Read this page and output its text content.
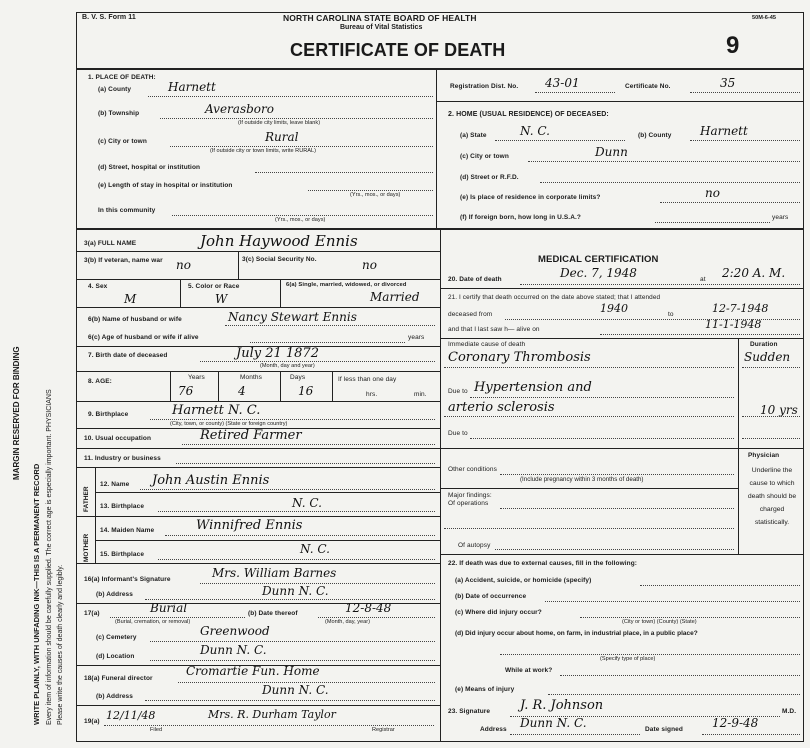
MARGIN RESERVED FOR BINDING
WRITE PLAINLY, WITH UNFADING INK—THIS IS A PERMANENT RECORD Every item of information should be carefully supplied. The correct age is especially important. PHYSICIANS Please write the causes of death clearly and legibly.
B. V. S. Form 11	NORTH CAROLINA STATE BOARD OF HEALTH
Bureau of Vital Statistics
CERTIFICATE OF DEATH
50M-6-45
9
1. PLACE OF DEATH:
(a) County	Harnett
(b) Township	Averasboro
(If outside city limits, leave blank)
(c) City or town	Rural
(If outside city or town limits, write RURAL)
(d) Street, hospital or institution
(e) Length of stay in hospital or institution
(Yrs., mos., or days)
In this community
(Yrs., mos., or days)
Registration Dist. No. 43-01	Certificate No.	35
2. HOME (USUAL RESIDENCE) OF DECEASED:
(a) State	N. C.	(b) County Harnett
(c) City or town	Dunn
(d) Street or R.F.D.
(e) Is place of residence in corporate limits?	no
(f) If foreign born, how long in U.S.A.?	years
3(a) FULL NAME	John Haywood Ennis
3(b) If veteran, name war no	3(c) Social Security No.	no
4. Sex
M
5. Color or Race
W
6(a) Single, married, widowed, or divorced
Married
6(b) Name of husband or wife	Nancy Stewart Ennis
6(c) Age of husband or wife if alive	years
7. Birth date of deceased	July 21 1872
(Month, day and year)
8. AGE:
Years
76
Months
4
Days
16
If less than one day
hrs.	min.
9. Birthplace	Harnett N. C.
(City, town, or county) (State or foreign country)
10. Usual occupation	Retired Farmer
11. Industry or business
FATHER
MOTHER
12. Name John Austin Ennis
13. Birthplace	N. C.
14. Maiden Name	Winnifred Ennis
15. Birthplace	N. C.
16(a) Informant's Signature	Mrs. William Barnes
(b) Address	Dunn N. C.
17(a)	Burial
(Burial, cremation, or removal)
(b) Date thereof	12-8-48
(Month, day, year)
(c) Cemetery	Greenwood
(d) Location	Dunn N. C.
18(a) Funeral director
Cromartie Fun. Home
(b) Address	Dunn N. C.
19(a) 12/11/48	Mrs. R. Durham Taylor
Filed	Registrar
MEDICAL CERTIFICATION
20. Date of death	Dec. 7, 1948	at 2:20 A. M.
21. I certify that death occurred on the date above stated; that I attended
deceased from	1940	to	12-7-1948
and that I last saw h— alive on	11-1-1948
Immediate cause of death	Duration
Coronary Thrombosis	Sudden
Due to Hypertension and
arterio sclerosis	10 yrs
Due to
Physician
Underline the cause to which death should be charged statistically.
Other conditions
(Include pregnancy within 3 months of death)
Major findings:
Of operations
Of autopsy
22. If death was due to external causes, fill in the following:
(a) Accident, suicide, or homicide (specify)
(b) Date of occurrence
(c) Where did injury occur?
(City or town) (County) (State)
(d) Did injury occur about home, on farm, in industrial place, in a public place?
(Specify type of place)
While at work?
(e) Means of injury
23. Signature J. R. Johnson	M.D.
Address Dunn N. C.	Date signed 12-9-48
